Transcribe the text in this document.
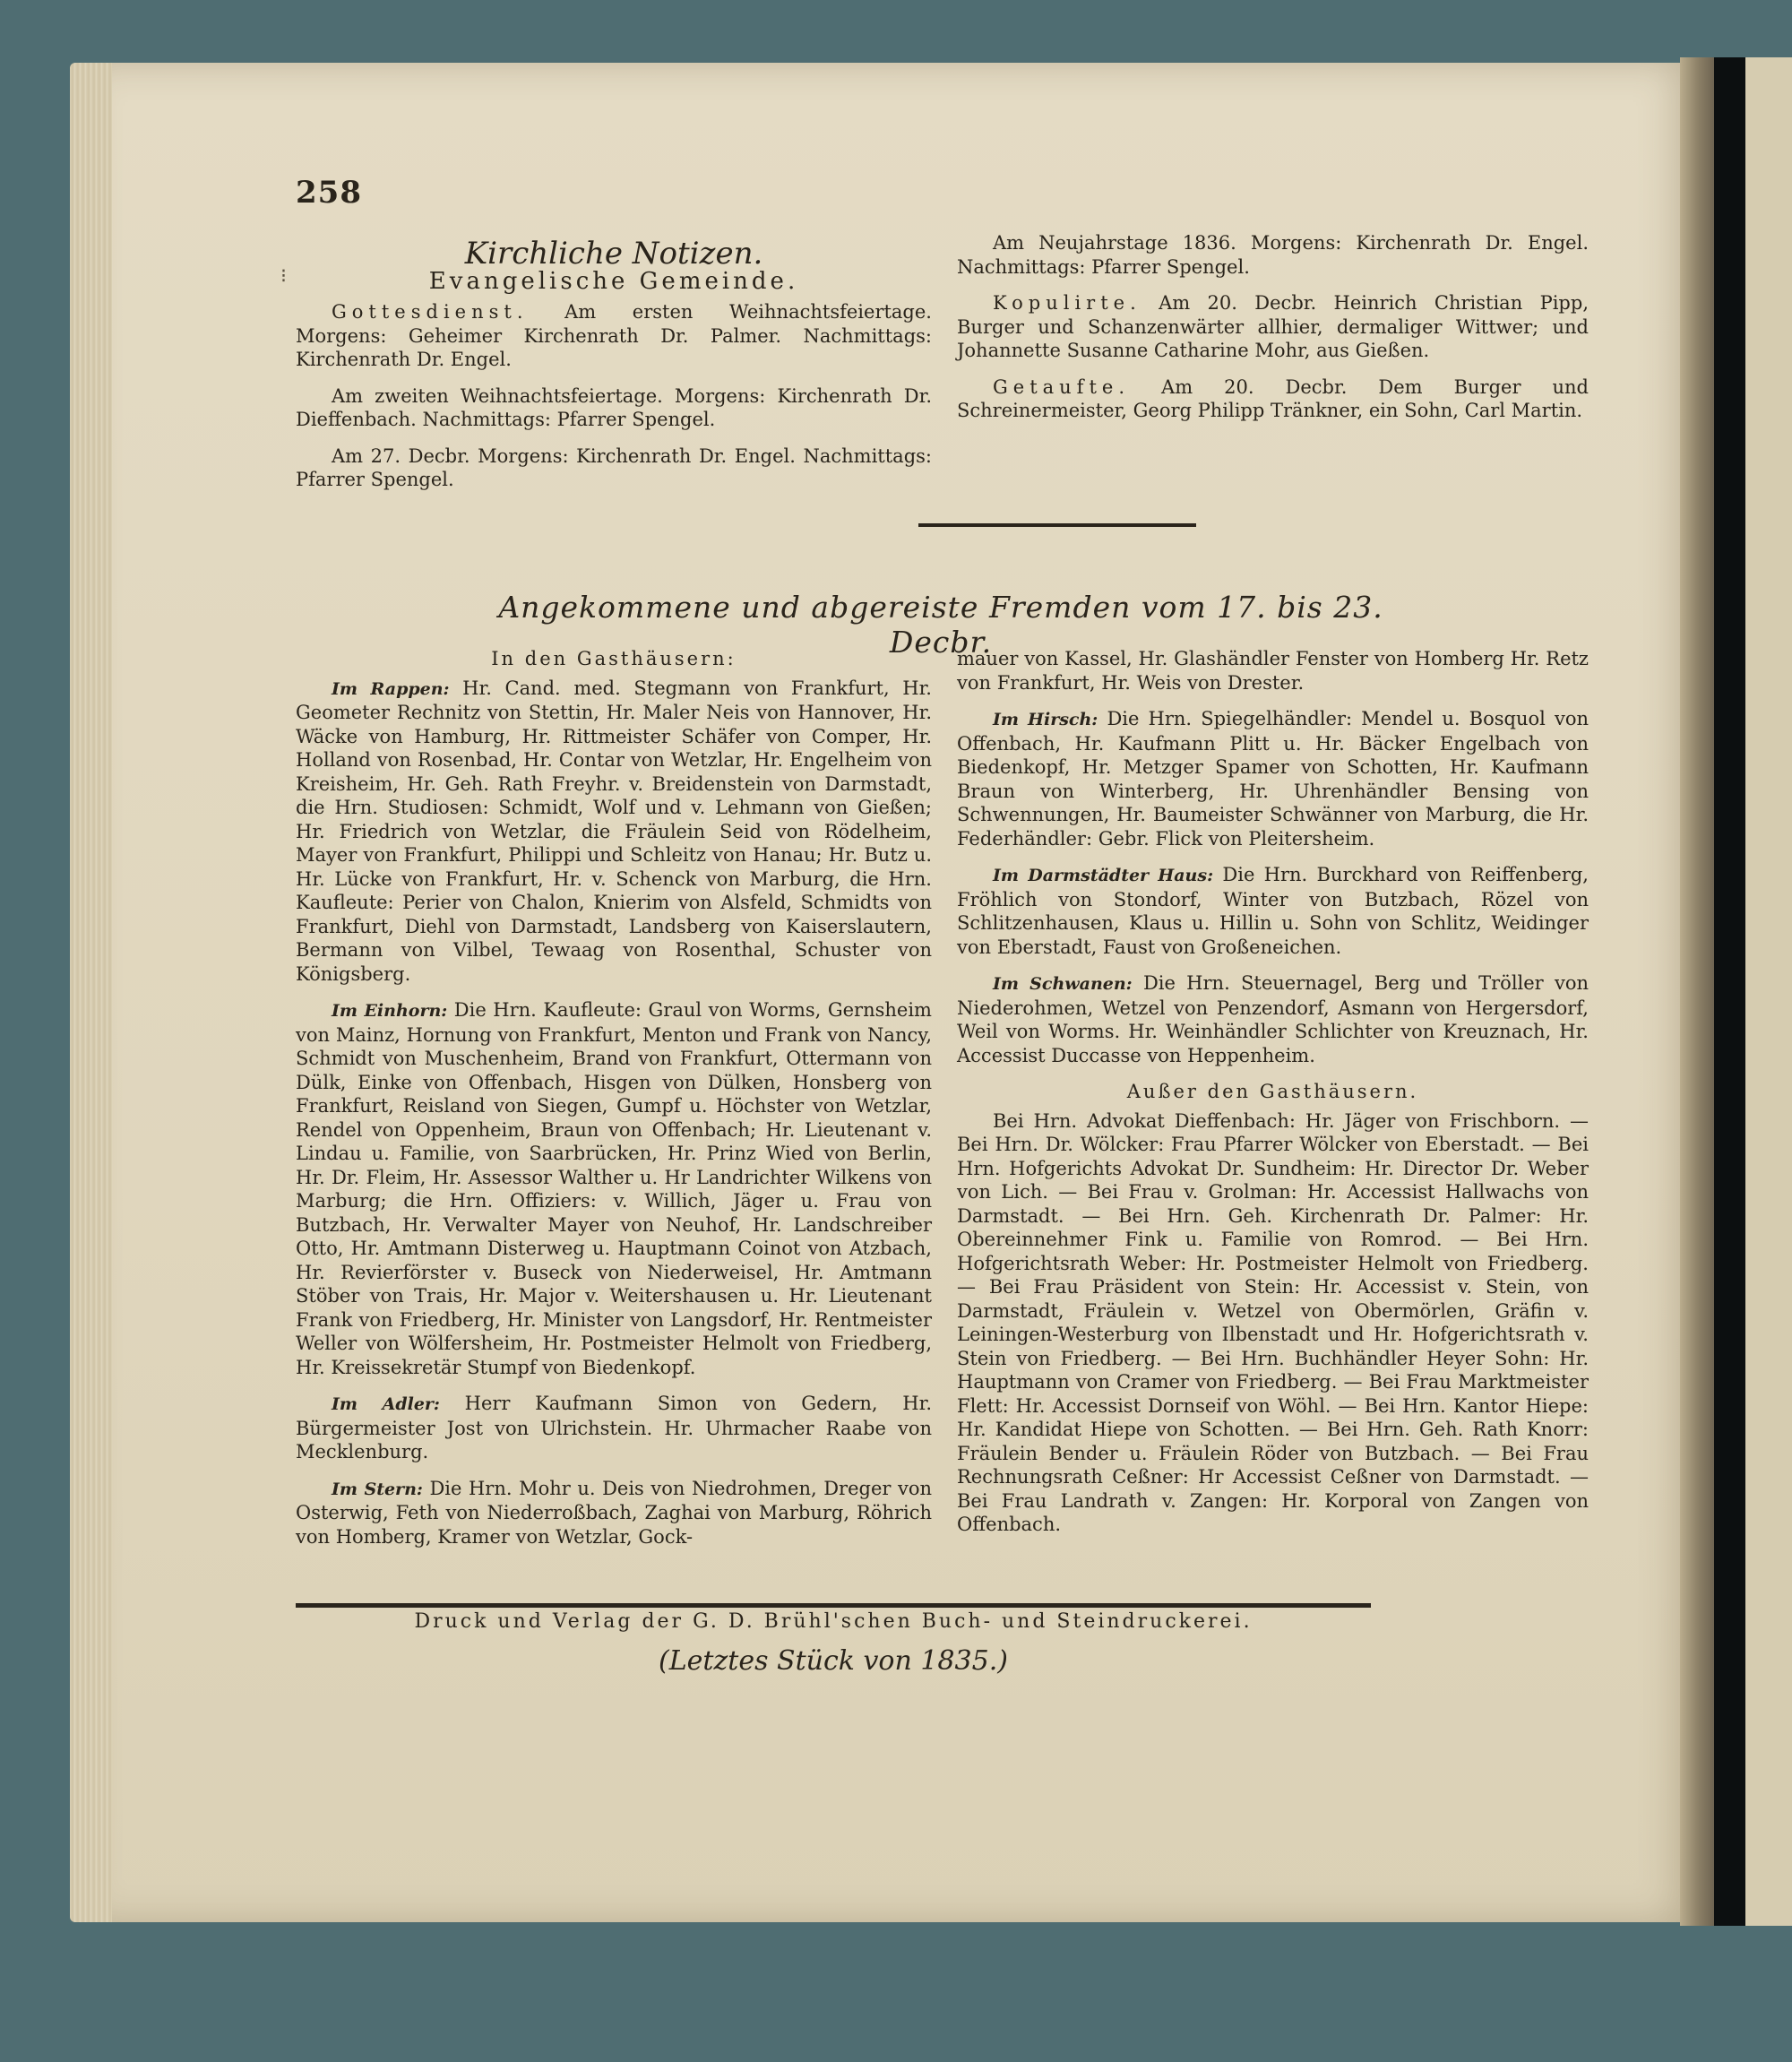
258
⁝
Kirchliche Notizen.
Evangelische Gemeinde.

Gottesdienst. Am ersten Weihnachtsfeiertage. Morgens: Geheimer Kirchenrath Dr. Palmer. Nachmittags: Kirchenrath Dr. Engel.

Am zweiten Weihnachtsfeiertage. Morgens: Kirchenrath Dr. Dieffenbach. Nachmittags: Pfarrer Spengel.

Am 27. Decbr. Morgens: Kirchenrath Dr. Engel. Nachmittags: Pfarrer Spengel.

Am Neujahrstage 1836. Morgens: Kirchenrath Dr. Engel. Nachmittags: Pfarrer Spengel.

Kopulirte. Am 20. Decbr. Heinrich Christian Pipp, Burger und Schanzenwärter allhier, dermaliger Wittwer; und Johannette Susanne Catharine Mohr, aus Gießen.

Getaufte. Am 20. Decbr. Dem Burger und Schreinermeister, Georg Philipp Tränkner, ein Sohn, Carl Martin.

Angekommene und abgereiste Fremden vom 17. bis 23. Decbr.
In den Gasthäusern:

Im Rappen: Hr. Cand. med. Stegmann von Frankfurt, Hr. Geometer Rechnitz von Stettin, Hr. Maler Neis von Hannover, Hr. Wäcke von Hamburg, Hr. Rittmeister Schäfer von Comper, Hr. Holland von Rosenbad, Hr. Contar von Wetzlar, Hr. Engelheim von Kreisheim, Hr. Geh. Rath Freyhr. v. Breidenstein von Darmstadt, die Hrn. Studiosen: Schmidt, Wolf und v. Lehmann von Gießen; Hr. Friedrich von Wetzlar, die Fräulein Seid von Rödelheim, Mayer von Frankfurt, Philippi und Schleitz von Hanau; Hr. Butz u. Hr. Lücke von Frankfurt, Hr. v. Schenck von Marburg, die Hrn. Kaufleute: Perier von Chalon, Knierim von Alsfeld, Schmidts von Frankfurt, Diehl von Darmstadt, Landsberg von Kaiserslautern, Bermann von Vilbel, Tewaag von Rosenthal, Schuster von Königsberg.

Im Einhorn: Die Hrn. Kaufleute: Graul von Worms, Gernsheim von Mainz, Hornung von Frankfurt, Menton und Frank von Nancy, Schmidt von Muschenheim, Brand von Frankfurt, Ottermann von Dülk, Einke von Offenbach, Hisgen von Dülken, Honsberg von Frankfurt, Reisland von Siegen, Gumpf u. Höchster von Wetzlar, Rendel von Oppenheim, Braun von Offenbach; Hr. Lieutenant v. Lindau u. Familie, von Saarbrücken, Hr. Prinz Wied von Berlin, Hr. Dr. Fleim, Hr. Assessor Walther u. Hr Landrichter Wilkens von Marburg; die Hrn. Offiziers: v. Willich, Jäger u. Frau von Butzbach, Hr. Verwalter Mayer von Neuhof, Hr. Landschreiber Otto, Hr. Amtmann Disterweg u. Hauptmann Coinot von Atzbach, Hr. Revierförster v. Buseck von Niederweisel, Hr. Amtmann Stöber von Trais, Hr. Major v. Weitershausen u. Hr. Lieutenant Frank von Friedberg, Hr. Minister von Langsdorf, Hr. Rentmeister Weller von Wölfersheim, Hr. Postmeister Helmolt von Friedberg, Hr. Kreissekretär Stumpf von Biedenkopf.

Im Adler: Herr Kaufmann Simon von Gedern, Hr. Bürgermeister Jost von Ulrichstein. Hr. Uhrmacher Raabe von Mecklenburg.

Im Stern: Die Hrn. Mohr u. Deis von Niedrohmen, Dreger von Osterwig, Feth von Niederroßbach, Zaghai von Marburg, Röhrich von Homberg, Kramer von Wetzlar, Gock-

mauer von Kassel, Hr. Glashändler Fenster von Homberg Hr. Retz von Frankfurt, Hr. Weis von Drester.

Im Hirsch: Die Hrn. Spiegelhändler: Mendel u. Bosquol von Offenbach, Hr. Kaufmann Plitt u. Hr. Bäcker Engelbach von Biedenkopf, Hr. Metzger Spamer von Schotten, Hr. Kaufmann Braun von Winterberg, Hr. Uhrenhändler Bensing von Schwennungen, Hr. Baumeister Schwänner von Marburg, die Hr. Federhändler: Gebr. Flick von Pleitersheim.

Im Darmstädter Haus: Die Hrn. Burckhard von Reiffenberg, Fröhlich von Stondorf, Winter von Butzbach, Rözel von Schlitzenhausen, Klaus u. Hillin u. Sohn von Schlitz, Weidinger von Eberstadt, Faust von Großeneichen.

Im Schwanen: Die Hrn. Steuernagel, Berg und Tröller von Niederohmen, Wetzel von Penzendorf, Asmann von Hergersdorf, Weil von Worms. Hr. Weinhändler Schlichter von Kreuznach, Hr. Accessist Duccasse von Heppenheim.

Außer den Gasthäusern.

Bei Hrn. Advokat Dieffenbach: Hr. Jäger von Frischborn. — Bei Hrn. Dr. Wölcker: Frau Pfarrer Wölcker von Eberstadt. — Bei Hrn. Hofgerichts Advokat Dr. Sundheim: Hr. Director Dr. Weber von Lich. — Bei Frau v. Grolman: Hr. Accessist Hallwachs von Darmstadt. — Bei Hrn. Geh. Kirchenrath Dr. Palmer: Hr. Obereinnehmer Fink u. Familie von Romrod. — Bei Hrn. Hofgerichtsrath Weber: Hr. Postmeister Helmolt von Friedberg. — Bei Frau Präsident von Stein: Hr. Accessist v. Stein, von Darmstadt, Fräulein v. Wetzel von Obermörlen, Gräfin v. Leiningen-Westerburg von Ilbenstadt und Hr. Hofgerichtsrath v. Stein von Friedberg. — Bei Hrn. Buchhändler Heyer Sohn: Hr. Hauptmann von Cramer von Friedberg. — Bei Frau Marktmeister Flett: Hr. Accessist Dornseif von Wöhl. — Bei Hrn. Kantor Hiepe: Hr. Kandidat Hiepe von Schotten. — Bei Hrn. Geh. Rath Knorr: Fräulein Bender u. Fräulein Röder von Butzbach. — Bei Frau Rechnungsrath Ceßner: Hr Accessist Ceßner von Darmstadt. — Bei Frau Landrath v. Zangen: Hr. Korporal von Zangen von Offenbach.

Druck und Verlag der G. D. Brühl'schen Buch- und Steindruckerei.
(Letztes Stück von 1835.)
